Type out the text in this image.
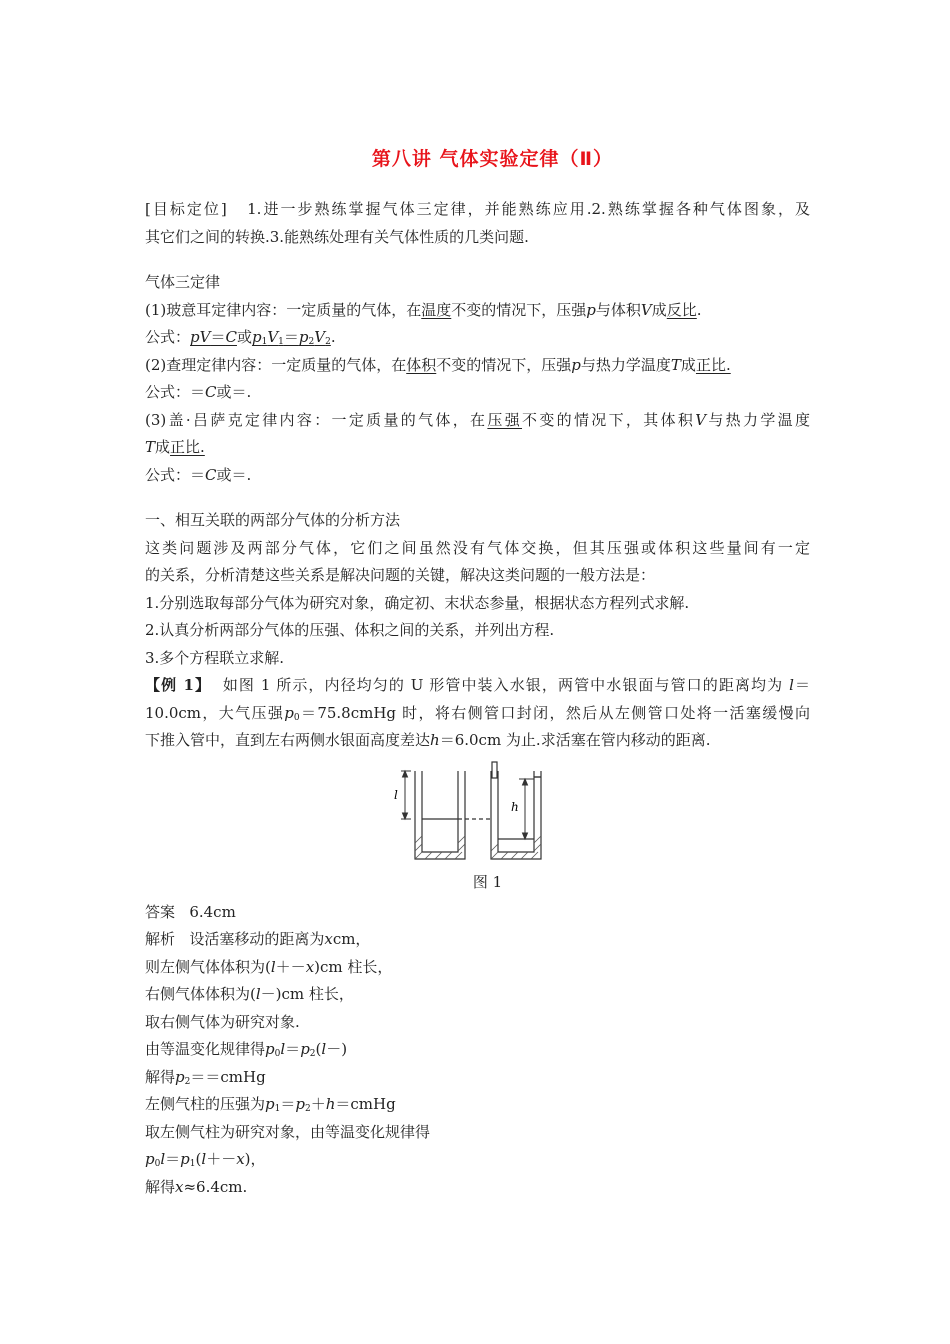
第八讲 气体实验定律（Ⅱ）
[目标定位] 1.进一步熟练掌握气体三定律，并能熟练应用.2.熟练掌握各种气体图象，及
其它们之间的转换.3.能熟练处理有关气体性质的几类问题.
气体三定律
(1)玻意耳定律内容：一定质量的气体，在温度不变的情况下，压强p与体积V成反比.
公式：pV＝C或$p_1V_1=p_2V_2$.
(2)查理定律内容：一定质量的气体，在体积不变的情况下，压强p与热力学温度T成正比.
公式：＝C或＝.
(3)盖·吕萨克定律内容：一定质量的气体，在压强不变的情况下，其体积V与热力学温度
T成正比.
公式：＝C或＝.
一、相互关联的两部分气体的分析方法
这类问题涉及两部分气体，它们之间虽然没有气体交换，但其压强或体积这些量间有一定
的关系，分析清楚这些关系是解决问题的关键，解决这类问题的一般方法是：
1.分别选取每部分气体为研究对象，确定初、末状态参量，根据状态方程列式求解.
2.认真分析两部分气体的压强、体积之间的关系，并列出方程.
3.多个方程联立求解.
【例 1】 如图 1 所示，内径均匀的 U 形管中装入水银，两管中水银面与管口的距离均为 l＝
10.0cm，大气压强$p_0=75.8cmHg$ 时，将右侧管口封闭，然后从左侧管口处将一活塞缓慢向
下推入管中，直到左右两侧水银面高度差达h＝6.0cm 为止.求活塞在管内移动的距离.
l
h
图 1
答案 6.4cm
解析 设活塞移动的距离为xcm，
则左侧气体体积为(l＋－x)cm 柱长，
右侧气体体积为(l－)cm 柱长，
取右侧气体为研究对象.
由等温变化规律得$p_0l=p_2(l-)$
解得$p_2==cmHg$
左侧气柱的压强为$p_1=p_2+h=cmHg$
取左侧气柱为研究对象，由等温变化规律得
$p_0l=p_1(l+-x)$，
解得x≈6.4cm.
